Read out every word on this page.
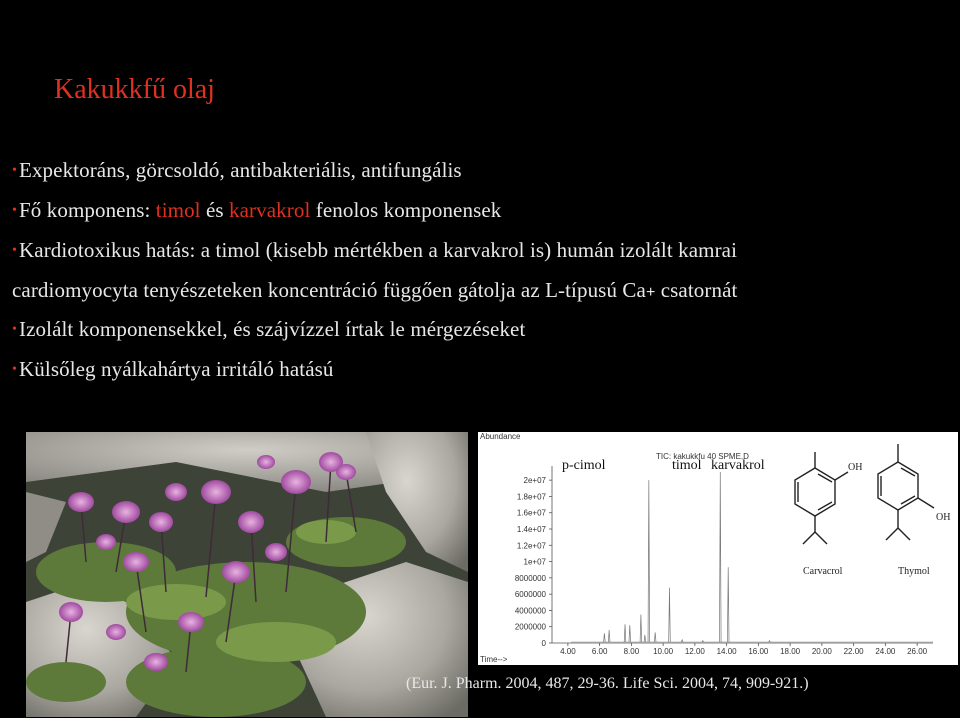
Kakukkfű olaj
•Expektoráns, görcsoldó, antibakteriális, antifungális
•Fő komponens: timol és karvakrol fenolos komponensek
•Kardiotoxikus hatás: a timol (kisebb mértékben a karvakrol is) humán izolált kamrai
cardiomyocyta tenyészeteken koncentráció függően gátolja az L-típusú Ca+ csatornát
•Izolált komponensekkel, és szájvízzel írtak le mérgezéseket
•Külsőleg nyálkahártya irritáló hatású
Abundance
TIC: kakukkfu 40 SPME.D
p-cimol	timol karvakrol
Time-->
0
2000000
4000000
6000000
8000000
1e+07
1.2e+07
1.4e+07
1.6e+07
1.8e+07
2e+07
4.00 6.00 8.00 10.00 12.00 14.00 16.00 18.00 20.00 22.00 24.00 26.00
OH
Carvacrol
OH
Thymol
(Eur. J. Pharm. 2004, 487, 29-36. Life Sci. 2004, 74, 909-921.)
